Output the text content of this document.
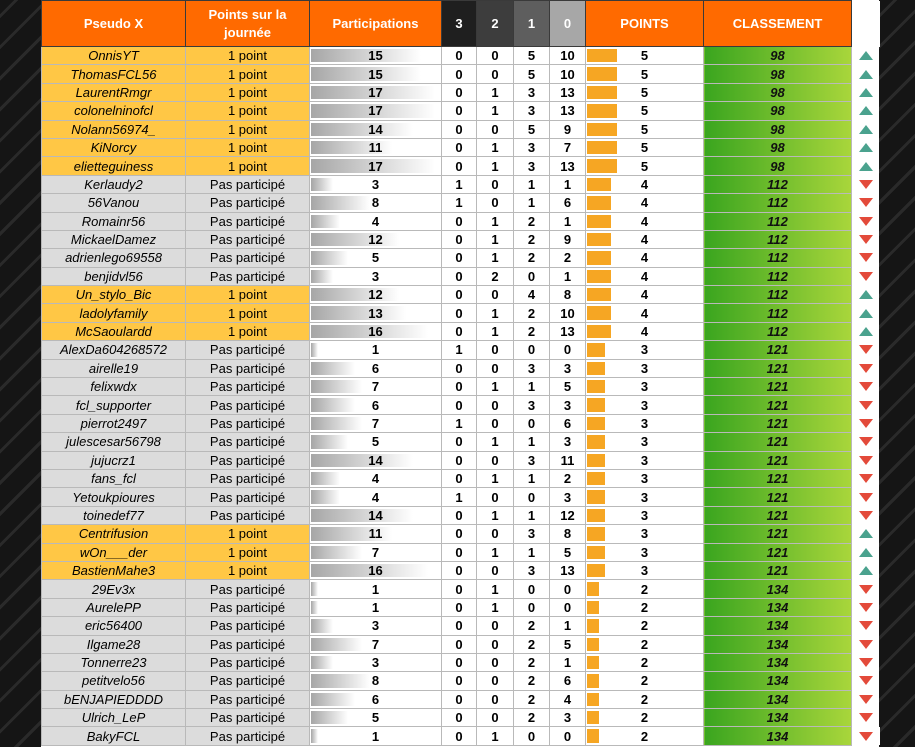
Pseudo X	Points sur la journée	Participations	3	2	1	0	POINTS	CLASSEMENT	
OnnisYT	1 point	15	0	0	5	10	5	98	
ThomasFCL56	1 point	15	0	0	5	10	5	98	
LaurentRmgr	1 point	17	0	1	3	13	5	98	
colonelninofcl	1 point	17	0	1	3	13	5	98	
Nolann56974_	1 point	14	0	0	5	9	5	98	
KiNorcy	1 point	11	0	1	3	7	5	98	
elietteguiness	1 point	17	0	1	3	13	5	98	
Kerlaudy2	Pas participé	3	1	0	1	1	4	112	
56Vanou	Pas participé	8	1	0	1	6	4	112	
Romainr56	Pas participé	4	0	1	2	1	4	112	
MickaelDamez	Pas participé	12	0	1	2	9	4	112	
adrienlego69558	Pas participé	5	0	1	2	2	4	112	
benjidvl56	Pas participé	3	0	2	0	1	4	112	
Un_stylo_Bic	1 point	12	0	0	4	8	4	112	
ladolyfamily	1 point	13	0	1	2	10	4	112	
McSaoulardd	1 point	16	0	1	2	13	4	112	
AlexDa604268572	Pas participé	1	1	0	0	0	3	121	
airelle19	Pas participé	6	0	0	3	3	3	121	
felixwdx	Pas participé	7	0	1	1	5	3	121	
fcl_supporter	Pas participé	6	0	0	3	3	3	121	
pierrot2497	Pas participé	7	1	0	0	6	3	121	
julescesar56798	Pas participé	5	0	1	1	3	3	121	
jujucrz1	Pas participé	14	0	0	3	11	3	121	
fans_fcl	Pas participé	4	0	1	1	2	3	121	
Yetoukpioures	Pas participé	4	1	0	0	3	3	121	
toinedef77	Pas participé	14	0	1	1	12	3	121	
Centrifusion	1 point	11	0	0	3	8	3	121	
wOn___der	1 point	7	0	1	1	5	3	121	
BastienMahe3	1 point	16	0	0	3	13	3	121	
29Ev3x	Pas participé	1	0	1	0	0	2	134	
AurelePP	Pas participé	1	0	1	0	0	2	134	
eric56400	Pas participé	3	0	0	2	1	2	134	
Ilgame28	Pas participé	7	0	0	2	5	2	134	
Tonnerre23	Pas participé	3	0	0	2	1	2	134	
petitvelo56	Pas participé	8	0	0	2	6	2	134	
bENJAPIEDDDD	Pas participé	6	0	0	2	4	2	134	
Ulrich_LeP	Pas participé	5	0	0	2	3	2	134	
BakyFCL	Pas participé	1	0	1	0	0	2	134	
